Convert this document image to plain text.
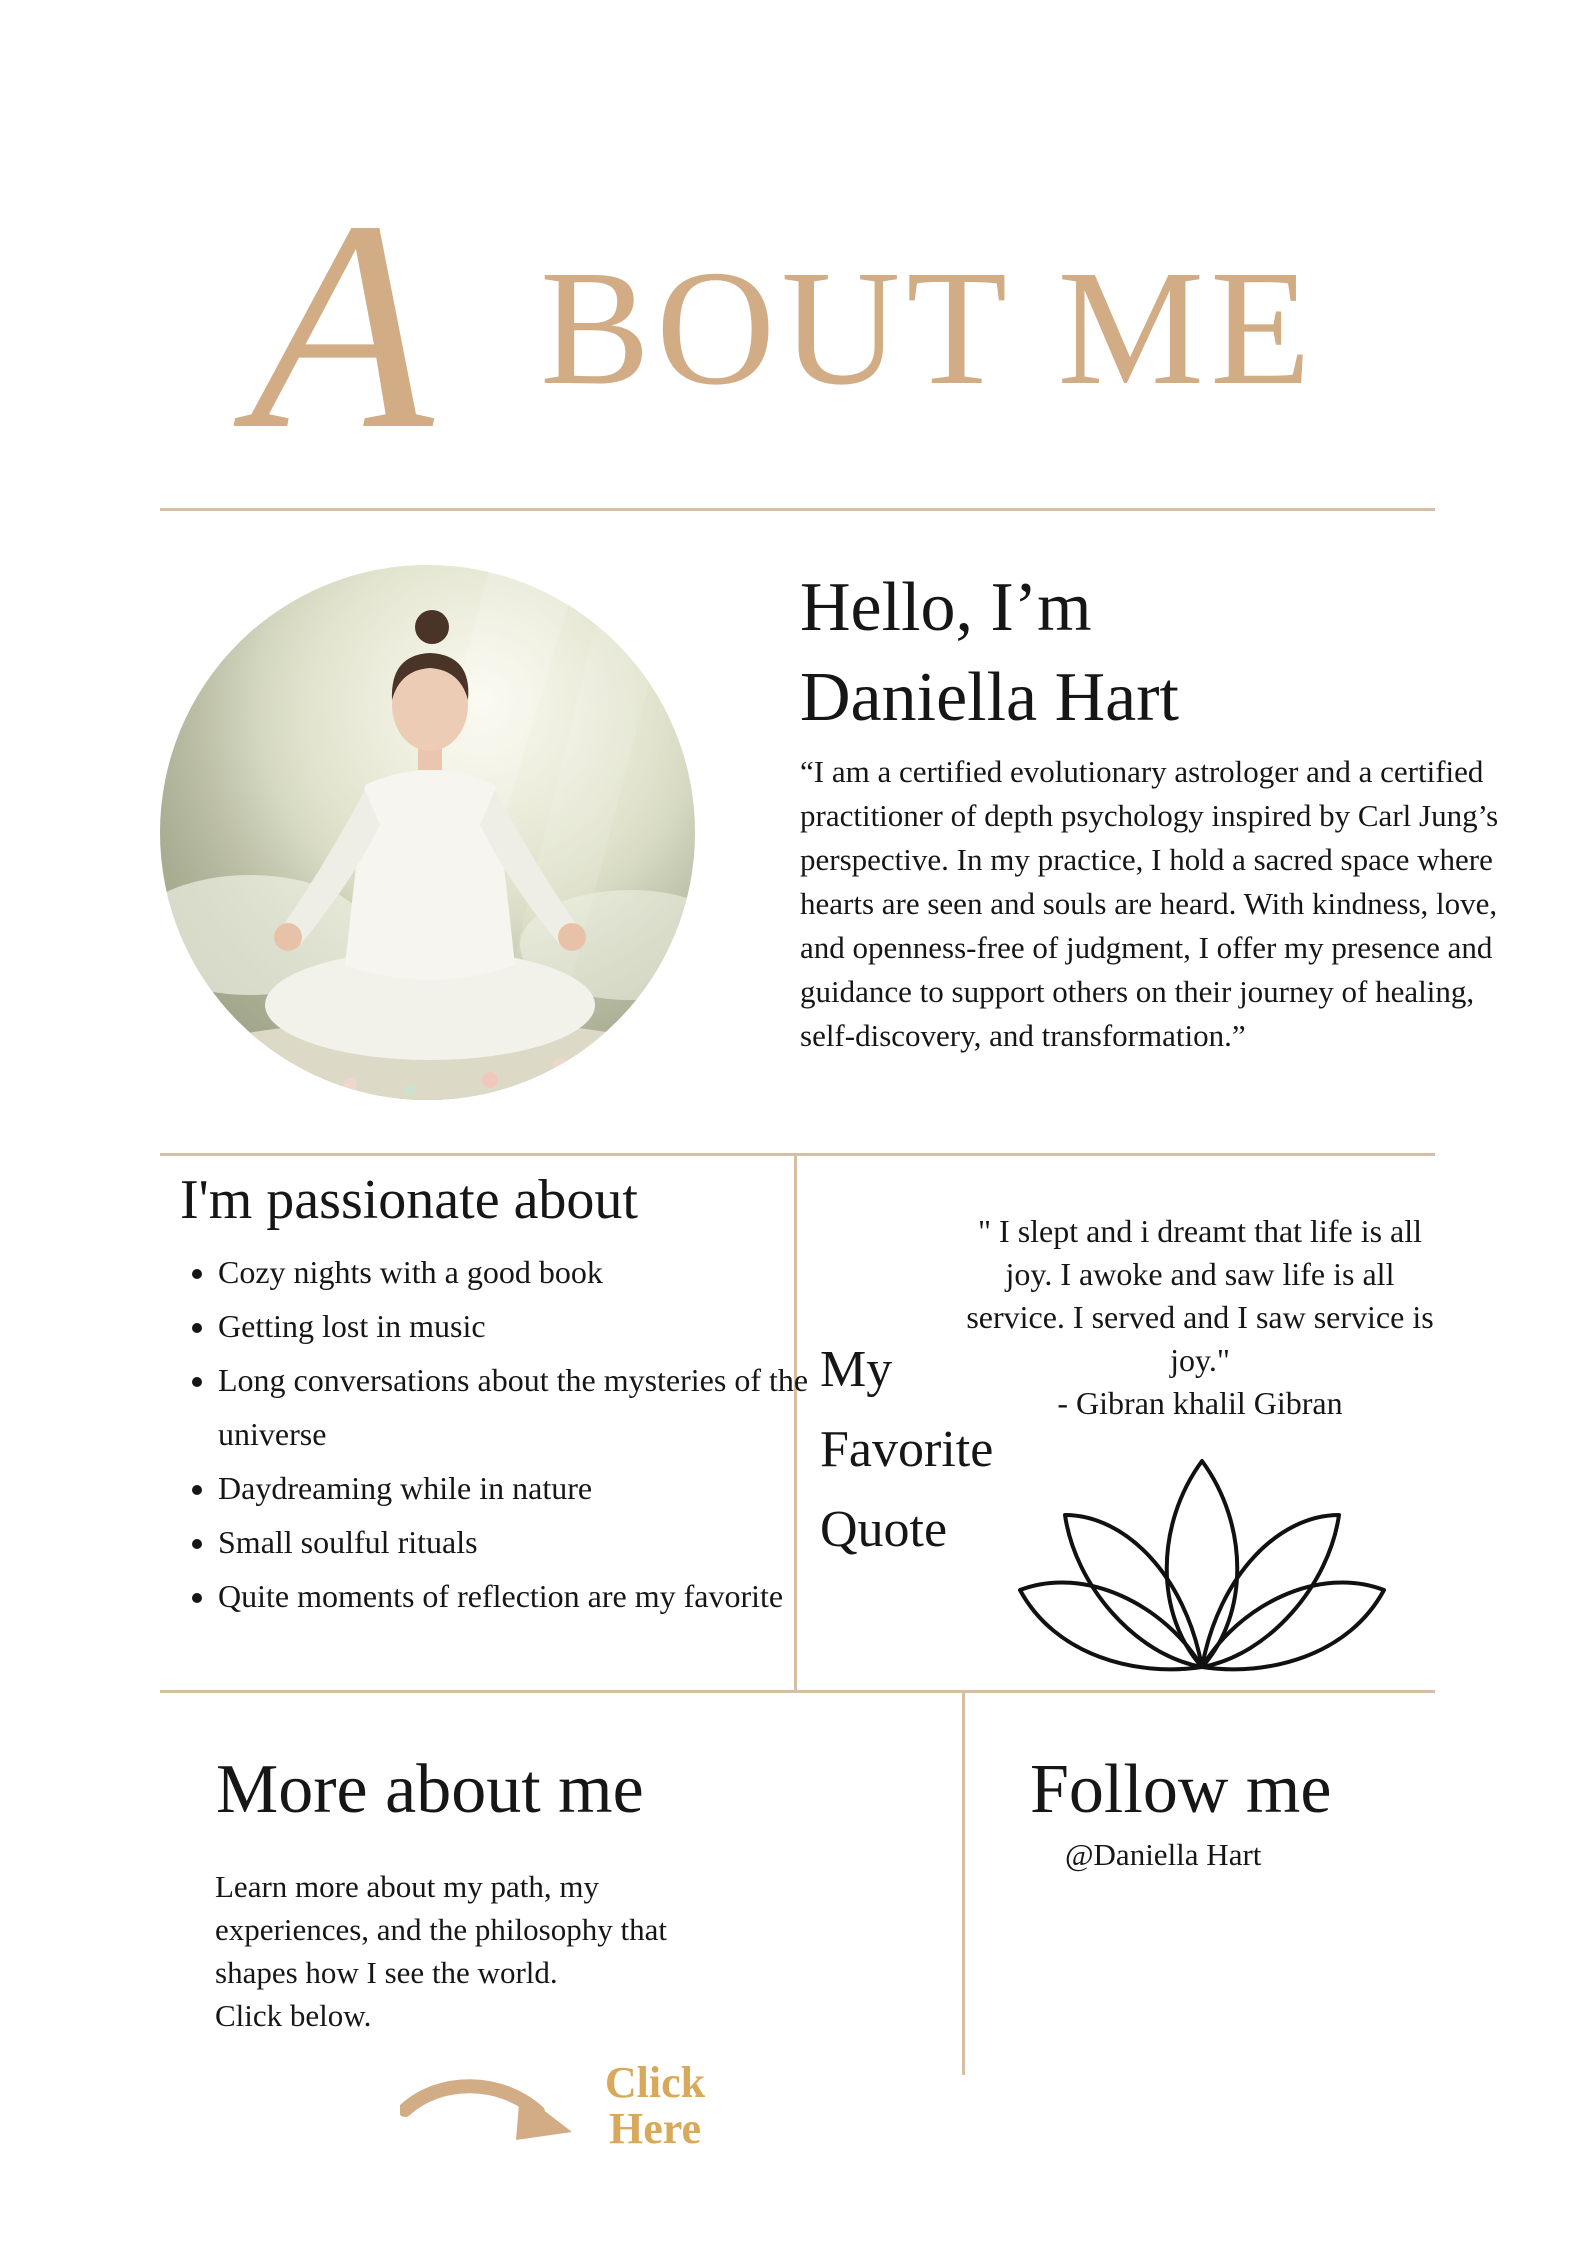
A BOUT ME
Hello, I’m
Daniella Hart

“I am a certified evolutionary astrologer and a certified practitioner of depth psychology inspired by Carl Jung’s perspective. In my practice, I hold a sacred space where hearts are seen and souls are heard. With kindness, love, and openness-free of judgment, I offer my presence and guidance to support others on their journey of healing, self-discovery, and transformation.”

I'm passionate about
• Cozy nights with a good book
• Getting lost in music
• Long conversations about the mysteries of the universe
• Daydreaming while in nature
• Small soulful rituals
• Quite moments of reflection are my favorite
" I slept and i dreamt that life is all joy. I awoke and saw life is all service. I served and I saw service is joy."
- Gibran khalil Gibran
My
Favorite
Quote
More about me
Learn more about my path, my
experiences, and the philosophy that
shapes how I see the world.
Click below.
Click
Here
Follow me
@Daniella Hart
